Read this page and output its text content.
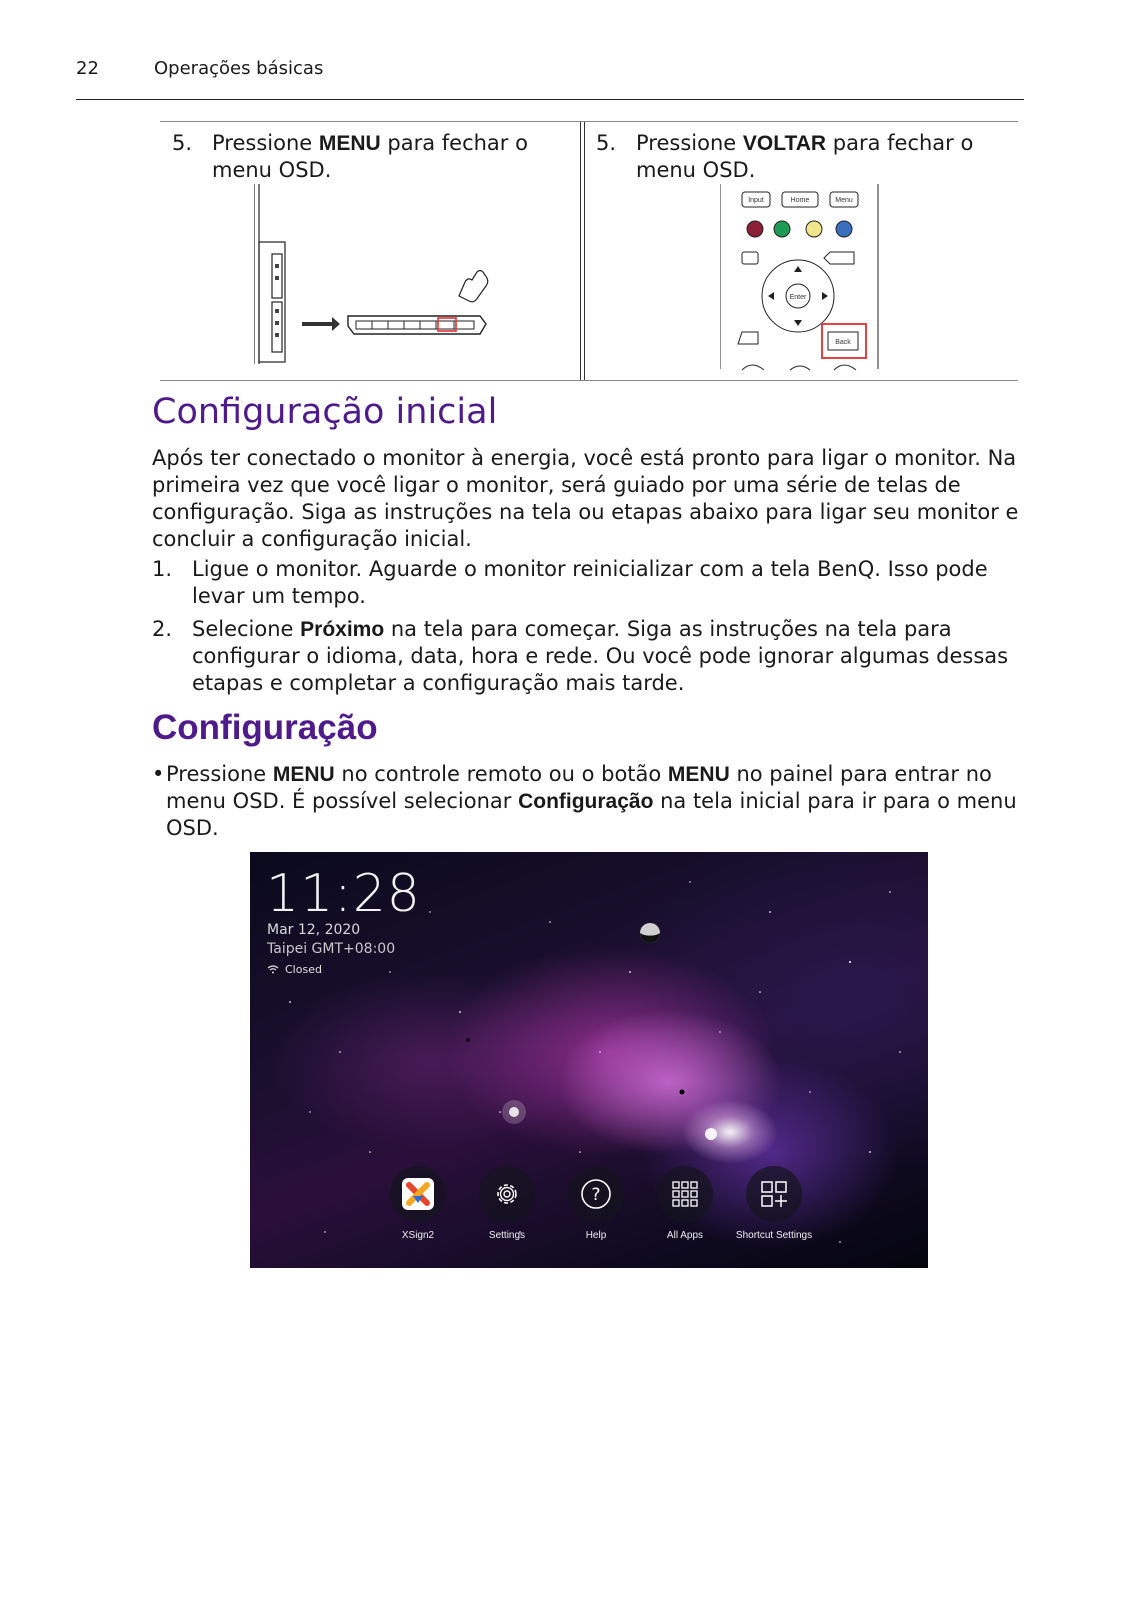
22	Operações básicas
5. Pressione MENU para fechar o menu OSD.
5. Pressione VOLTAR para fechar o menu OSD.
Input	Home	Menu
Enter
Back
Configuração inicial

Após ter conectado o monitor à energia, você está pronto para ligar o monitor. Na primeira vez que você ligar o monitor, será guiado por uma série de telas de configuração. Siga as instruções na tela ou etapas abaixo para ligar seu monitor e concluir a configuração inicial.

1. Ligue o monitor. Aguarde o monitor reinicializar com a tela BenQ. Isso pode levar um tempo.
2. Selecione Próximo na tela para começar. Siga as instruções na tela para configurar o idioma, data, hora e rede. Ou você pode ignorar algumas dessas etapas e completar a configuração mais tarde.
Configuração

• Pressione MENU no controle remoto ou o botão MENU no painel para entrar no menu OSD. É possível selecionar Configuração na tela inicial para ir para o menu OSD.

11:28
Mar 12, 2020
Taipei GMT+08:00
Closed
XSign2	Settings
?
Help	All Apps	Shortcut Settings
